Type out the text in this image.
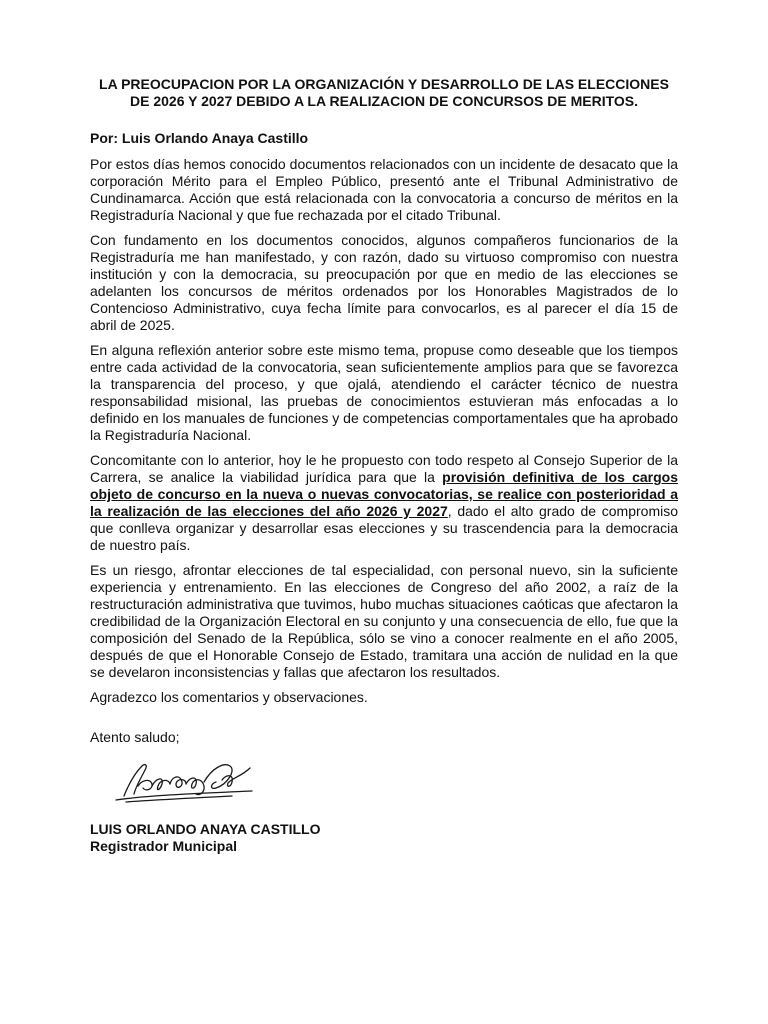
LA PREOCUPACION POR LA ORGANIZACIÓN Y DESARROLLO DE LAS ELECCIONES DE 2026 Y 2027 DEBIDO A LA REALIZACION DE CONCURSOS DE MERITOS.
Por: Luis Orlando Anaya Castillo

Por estos días hemos conocido documentos relacionados con un incidente de desacato que la corporación Mérito para el Empleo Público, presentó ante el Tribunal Administrativo de Cundinamarca. Acción que está relacionada con la convocatoria a concurso de méritos en la Registraduría Nacional y que fue rechazada por el citado Tribunal.

Con fundamento en los documentos conocidos, algunos compañeros funcionarios de la Registraduría me han manifestado, y con razón, dado su virtuoso compromiso con nuestra institución y con la democracia, su preocupación por que en medio de las elecciones se adelanten los concursos de méritos ordenados por los Honorables Magistrados de lo Contencioso Administrativo, cuya fecha límite para convocarlos, es al parecer el día 15 de abril de 2025.

En alguna reflexión anterior sobre este mismo tema, propuse como deseable que los tiempos entre cada actividad de la convocatoria, sean suficientemente amplios para que se favorezca la transparencia del proceso, y que ojalá, atendiendo el carácter técnico de nuestra responsabilidad misional, las pruebas de conocimientos estuvieran más enfocadas a lo definido en los manuales de funciones y de competencias comportamentales que ha aprobado la Registraduría Nacional.

Concomitante con lo anterior, hoy le he propuesto con todo respeto al Consejo Superior de la Carrera, se analice la viabilidad jurídica para que la provisión definitiva de los cargos objeto de concurso en la nueva o nuevas convocatorias, se realice con posterioridad a la realización de las elecciones del año 2026 y 2027, dado el alto grado de compromiso que conlleva organizar y desarrollar esas elecciones y su trascendencia para la democracia de nuestro país.

Es un riesgo, afrontar elecciones de tal especialidad, con personal nuevo, sin la suficiente experiencia y entrenamiento. En las elecciones de Congreso del año 2002, a raíz de la restructuración administrativa que tuvimos, hubo muchas situaciones caóticas que afectaron la credibilidad de la Organización Electoral en su conjunto y una consecuencia de ello, fue que la composición del Senado de la República, sólo se vino a conocer realmente en el año 2005, después de que el Honorable Consejo de Estado, tramitara una acción de nulidad en la que se develaron inconsistencias y fallas que afectaron los resultados.

Agradezco los comentarios y observaciones.

Atento saludo;
LUIS ORLANDO ANAYA CASTILLO
Registrador Municipal
